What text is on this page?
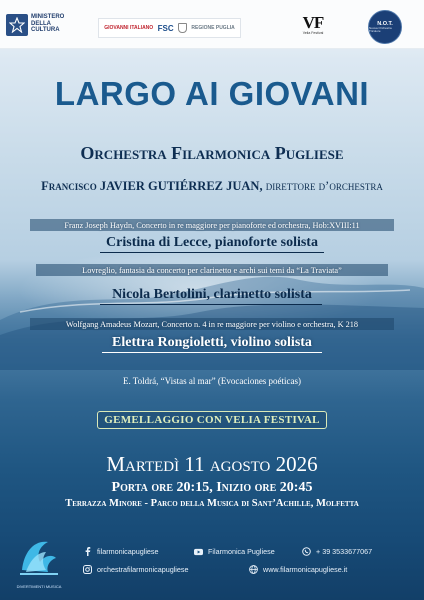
MINISTERO
DELLA
CULTURA	GIOVANNI ITALIANO FSC	REGIONE PUGLIA	VF
Velia Festival
N.O.T.
Nuova Orchestra Tricolore
LARGO AI GIOVANI
Orchestra Filarmonica Pugliese
Francisco JAVIER GUTIÉRREZ JUAN, direttore d’orchestra
Franz Joseph Haydn, Concerto in re maggiore per pianoforte ed orchestra, Hob:XVIII:11
Cristina di Lecce, pianoforte solista
Lovreglio, fantasia da concerto per clarinetto e archi sui temi da “La Traviata”
Nicola Bertolini, clarinetto solista
Wolfgang Amadeus Mozart, Concerto n. 4 in re maggiore per violino e orchestra, K 218
Elettra Rongioletti, violino solista
E. Toldrá, “Vistas al mar” (Evocaciones poéticas)
GEMELLAGGIO CON VELIA FESTIVAL
Martedì 11 agosto 2026
Porta ore 20:15, Inizio ore 20:45
Terrazza Minore - Parco della Musica di Sant’Achille, Molfetta
DIVERTIMENTI MUSICA
filarmonicapugliese	Filarmonica Pugliese	+ 39 3533677067
orchestrafilarmonicapugliese	www.filarmonicapugliese.it
